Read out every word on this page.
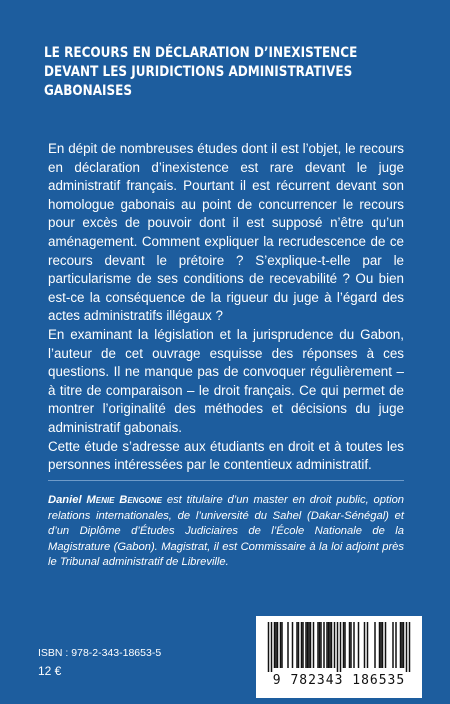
LE RECOURS EN DÉCLARATION D’INEXISTENCE
DEVANT LES JURIDICTIONS ADMINISTRATIVES
GABONAISES

En dépit de nombreuses études dont il est l’objet, le recours en déclaration d’inexistence est rare devant le juge administratif français. Pourtant il est récurrent devant son homologue gabonais au point de concurrencer le recours pour excès de pouvoir dont il est supposé n’être qu’un aménagement. Comment expliquer la recrudescence de ce recours devant le prétoire ? S’explique-t-elle par le particularisme de ses conditions de recevabilité ? Ou bien est-ce la conséquence de la rigueur du juge à l’égard des actes administratifs illégaux ?

En examinant la législation et la jurisprudence du Gabon, l’auteur de cet ouvrage esquisse des réponses à ces questions. Il ne manque pas de convoquer régulièrement – à titre de comparaison – le droit français. Ce qui permet de montrer l’originalité des méthodes et décisions du juge administratif gabonais.

Cette étude s’adresse aux étudiants en droit et à toutes les personnes intéressées par le contentieux administratif.

Daniel Menie Bengone est titulaire d’un master en droit public, option relations internationales, de l’université du Sahel (Dakar-Sénégal) et d’un Diplôme d’Études Judiciaires de l’École Nationale de la Magistrature (Gabon). Magistrat, il est Commissaire à la loi adjoint près le Tribunal administratif de Libreville.

ISBN : 978-2-343-18653-5

12 €

9 782343 186535
